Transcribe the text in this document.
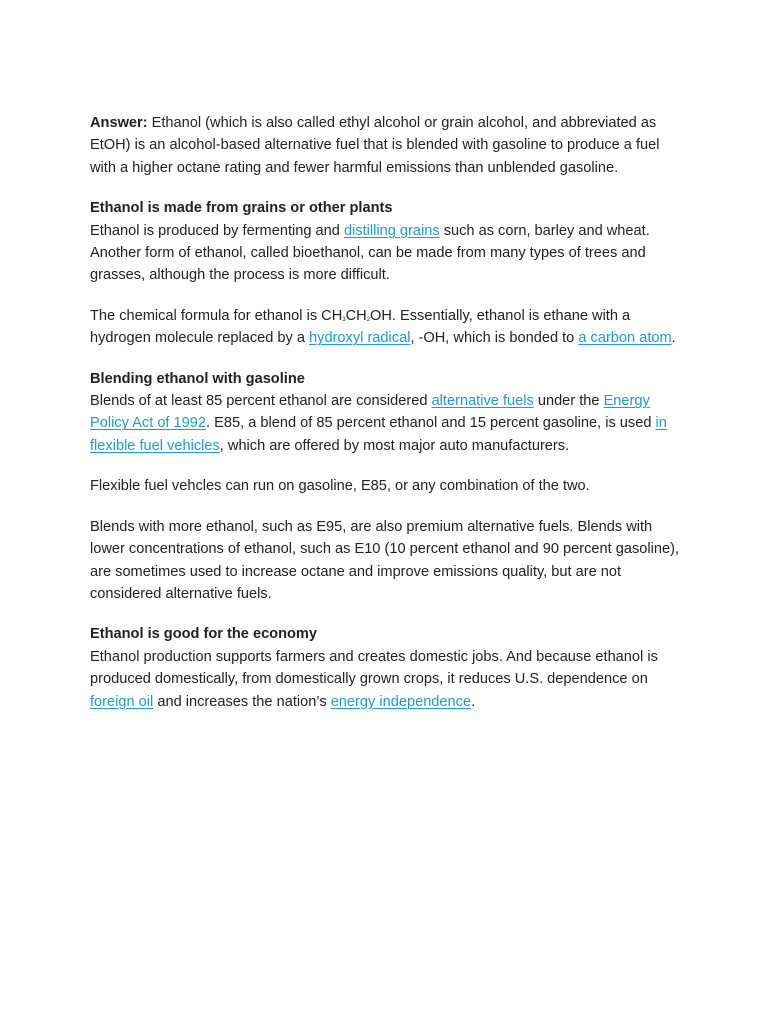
Answer: Ethanol (which is also called ethyl alcohol or grain alcohol, and abbreviated as EtOH) is an alcohol-based alternative fuel that is blended with gasoline to produce a fuel with a higher octane rating and fewer harmful emissions than unblended gasoline.

Ethanol is made from grains or other plants
Ethanol is produced by fermenting and distilling grains such as corn, barley and wheat. Another form of ethanol, called bioethanol, can be made from many types of trees and grasses, although the process is more difficult.

The chemical formula for ethanol is $CH_3CH_2OH$. Essentially, ethanol is ethane with a hydrogen molecule replaced by a hydroxyl radical, -OH, which is bonded to a carbon atom.

Blending ethanol with gasoline
Blends of at least 85 percent ethanol are considered alternative fuels under the Energy Policy Act of 1992. E85, a blend of 85 percent ethanol and 15 percent gasoline, is used in flexible fuel vehicles, which are offered by most major auto manufacturers.

Flexible fuel vehcles can run on gasoline, E85, or any combination of the two.

Blends with more ethanol, such as E95, are also premium alternative fuels. Blends with lower concentrations of ethanol, such as E10 (10 percent ethanol and 90 percent gasoline), are sometimes used to increase octane and improve emissions quality, but are not considered alternative fuels.

Ethanol is good for the economy
Ethanol production supports farmers and creates domestic jobs. And because ethanol is produced domestically, from domestically grown crops, it reduces U.S. dependence on foreign oil and increases the nation’s energy independence.
